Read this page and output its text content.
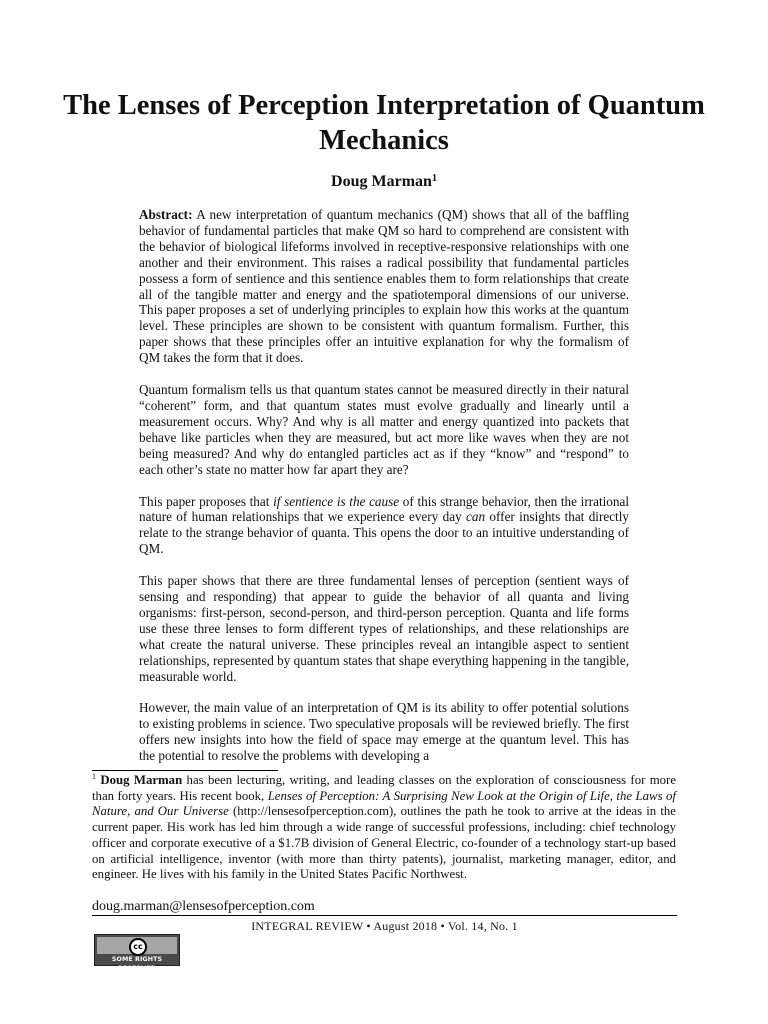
The Lenses of Perception Interpretation of Quantum Mechanics
Doug Marman$^1$

Abstract: A new interpretation of quantum mechanics (QM) shows that all of the baffling behavior of fundamental particles that make QM so hard to comprehend are consistent with the behavior of biological lifeforms involved in receptive-responsive relationships with one another and their environment. This raises a radical possibility that fundamental particles possess a form of sentience and this sentience enables them to form relationships that create all of the tangible matter and energy and the spatiotemporal dimensions of our universe. This paper proposes a set of underlying principles to explain how this works at the quantum level. These principles are shown to be consistent with quantum formalism. Further, this paper shows that these principles offer an intuitive explanation for why the formalism of QM takes the form that it does.

Quantum formalism tells us that quantum states cannot be measured directly in their natural “coherent” form, and that quantum states must evolve gradually and linearly until a measurement occurs. Why? And why is all matter and energy quantized into packets that behave like particles when they are measured, but act more like waves when they are not being measured? And why do entangled particles act as if they “know” and “respond” to each other’s state no matter how far apart they are?

This paper proposes that if sentience is the cause of this strange behavior, then the irrational nature of human relationships that we experience every day can offer insights that directly relate to the strange behavior of quanta. This opens the door to an intuitive understanding of QM.

This paper shows that there are three fundamental lenses of perception (sentient ways of sensing and responding) that appear to guide the behavior of all quanta and living organisms: first-person, second-person, and third-person perception. Quanta and life forms use these three lenses to form different types of relationships, and these relationships are what create the natural universe. These principles reveal an intangible aspect to sentient relationships, represented by quantum states that shape everything happening in the tangible, measurable world.

However, the main value of an interpretation of QM is its ability to offer potential solutions to existing problems in science. Two speculative proposals will be reviewed briefly. The first offers new insights into how the field of space may emerge at the quantum level. This has the potential to resolve the problems with developing a

$^1$ Doug Marman has been lecturing, writing, and leading classes on the exploration of consciousness for more than forty years. His recent book, Lenses of Perception: A Surprising New Look at the Origin of Life, the Laws of Nature, and Our Universe (http://lensesofperception.com), outlines the path he took to arrive at the ideas in the current paper. His work has led him through a wide range of successful professions, including: chief technology officer and corporate executive of a $1.7B division of General Electric, co-founder of a technology start-up based on artificial intelligence, inventor (with more than thirty patents), journalist, marketing manager, editor, and engineer. He lives with his family in the United States Pacific Northwest.

doug.marman@lensesofperception.com
INTEGRAL REVIEW • August 2018 • Vol. 14, No. 1
cc
SOME RIGHTS RESERVED
